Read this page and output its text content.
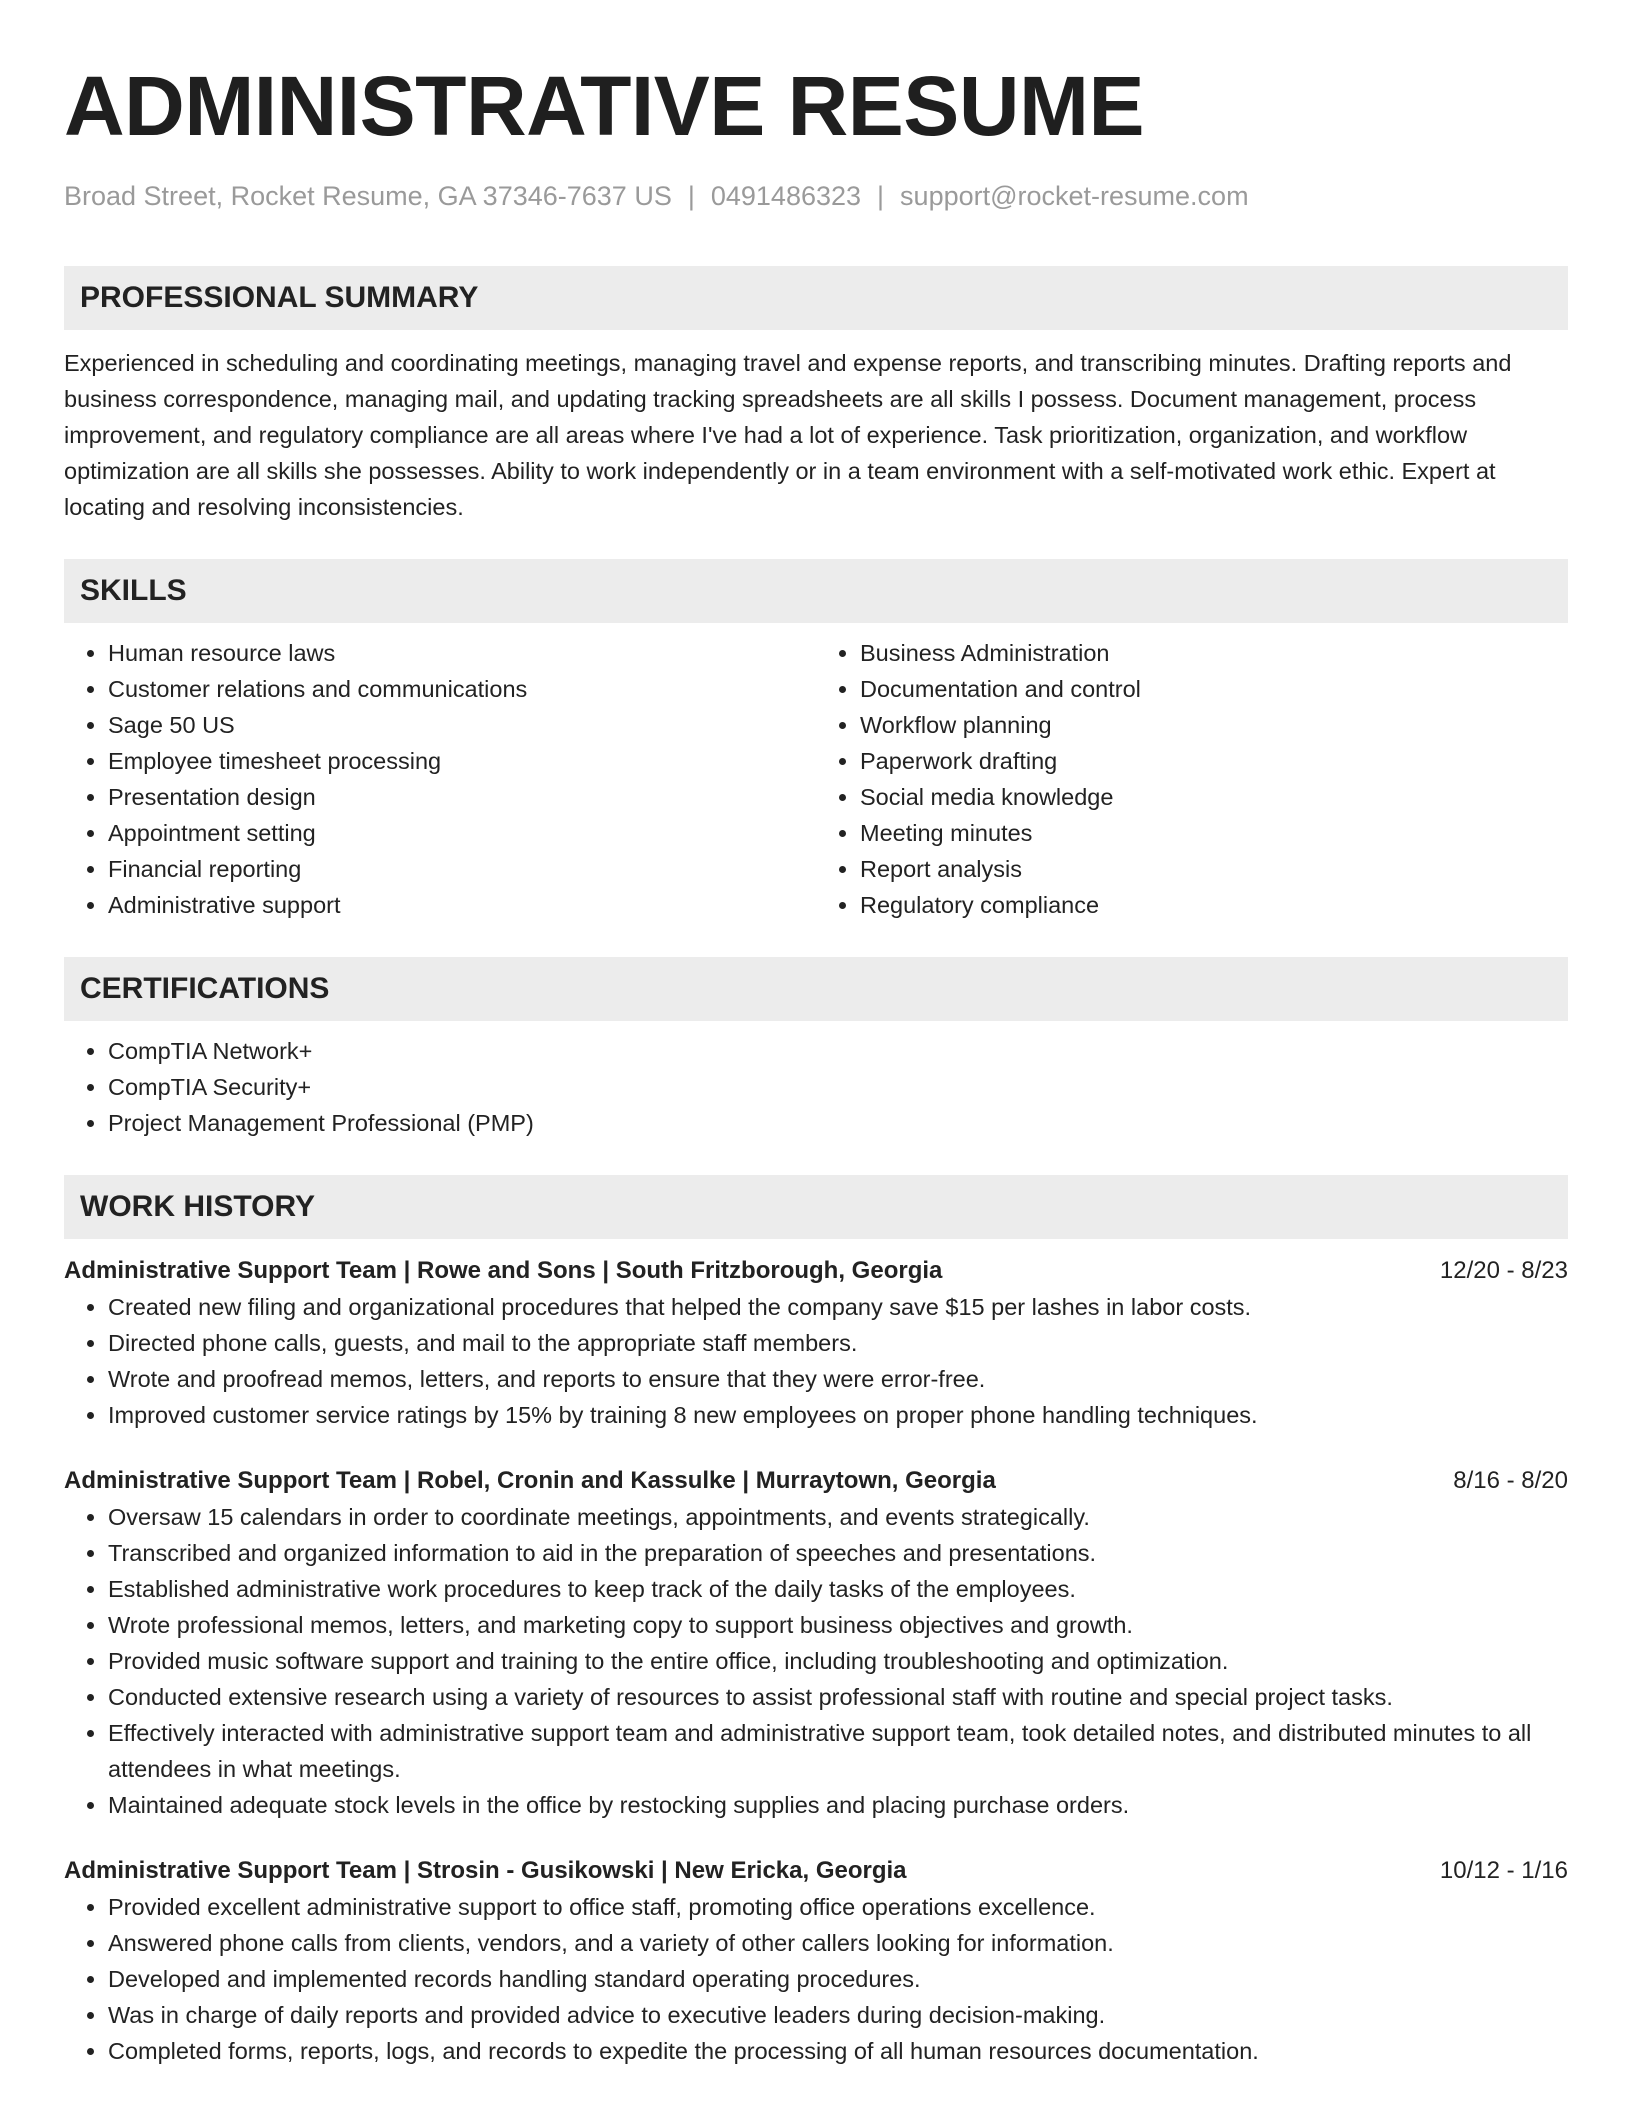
ADMINISTRATIVE RESUME
Broad Street, Rocket Resume, GA 37346-7637 US | 0491486323 | support@rocket-resume.com
PROFESSIONAL SUMMARY

Experienced in scheduling and coordinating meetings, managing travel and expense reports, and transcribing minutes. Drafting reports and business correspondence, managing mail, and updating tracking spreadsheets are all skills I possess. Document management, process improvement, and regulatory compliance are all areas where I've had a lot of experience. Task prioritization, organization, and workflow optimization are all skills she possesses. Ability to work independently or in a team environment with a self-motivated work ethic. Expert at locating and resolving inconsistencies.

SKILLS
• Human resource laws
• Customer relations and communications
• Sage 50 US
• Employee timesheet processing
• Presentation design
• Appointment setting
• Financial reporting
• Administrative support
• Business Administration
• Documentation and control
• Workflow planning
• Paperwork drafting
• Social media knowledge
• Meeting minutes
• Report analysis
• Regulatory compliance
CERTIFICATIONS
• CompTIA Network+
• CompTIA Security+
• Project Management Professional (PMP)
WORK HISTORY
Administrative Support Team | Rowe and Sons | South Fritzborough, Georgia	12/20 - 8/23
• Created new filing and organizational procedures that helped the company save $15 per lashes in labor costs.
• Directed phone calls, guests, and mail to the appropriate staff members.
• Wrote and proofread memos, letters, and reports to ensure that they were error-free.
• Improved customer service ratings by 15% by training 8 new employees on proper phone handling techniques.
Administrative Support Team | Robel, Cronin and Kassulke | Murraytown, Georgia	8/16 - 8/20
• Oversaw 15 calendars in order to coordinate meetings, appointments, and events strategically.
• Transcribed and organized information to aid in the preparation of speeches and presentations.
• Established administrative work procedures to keep track of the daily tasks of the employees.
• Wrote professional memos, letters, and marketing copy to support business objectives and growth.
• Provided music software support and training to the entire office, including troubleshooting and optimization.
• Conducted extensive research using a variety of resources to assist professional staff with routine and special project tasks.
• Effectively interacted with administrative support team and administrative support team, took detailed notes, and distributed minutes to all attendees in what meetings.
• Maintained adequate stock levels in the office by restocking supplies and placing purchase orders.
Administrative Support Team | Strosin - Gusikowski | New Ericka, Georgia	10/12 - 1/16
• Provided excellent administrative support to office staff, promoting office operations excellence.
• Answered phone calls from clients, vendors, and a variety of other callers looking for information.
• Developed and implemented records handling standard operating procedures.
• Was in charge of daily reports and provided advice to executive leaders during decision-making.
• Completed forms, reports, logs, and records to expedite the processing of all human resources documentation.
